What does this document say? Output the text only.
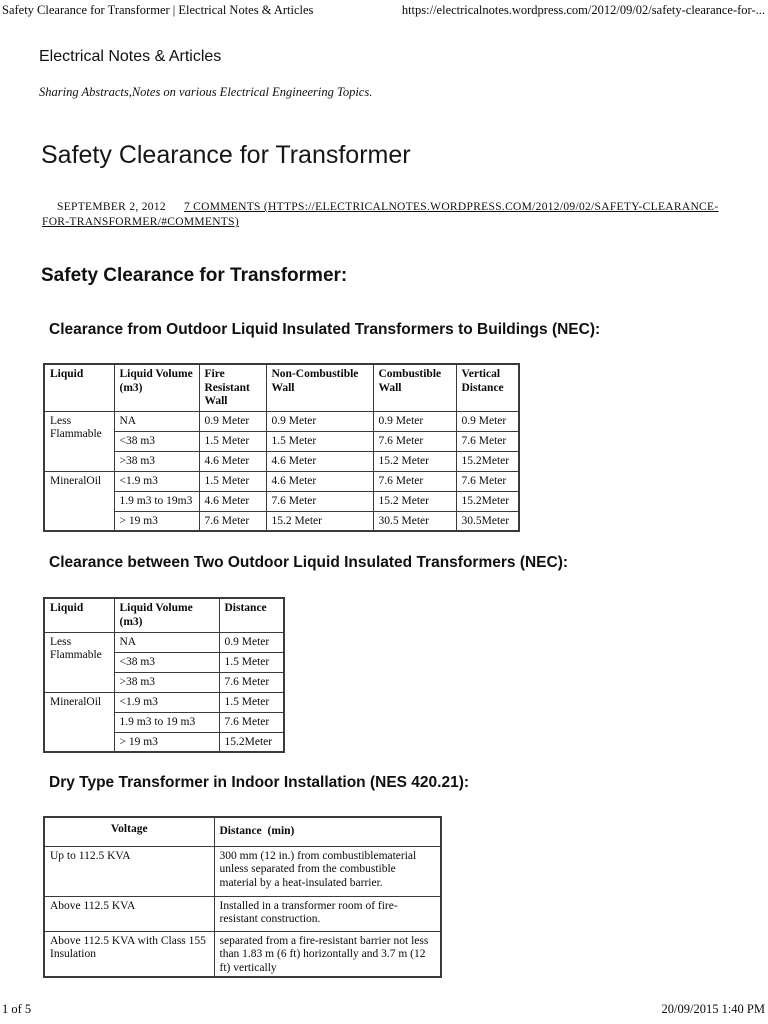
Safety Clearance for Transformer | Electrical Notes & Articles	https://electricalnotes.wordpress.com/2012/09/02/safety-clearance-for-...
Electrical Notes & Articles
Sharing Abstracts,Notes on various Electrical Engineering Topics.
Safety Clearance for Transformer
SEPTEMBER 2, 2012 7 COMMENTS (HTTPS://ELECTRICALNOTES.WORDPRESS.COM/2012/09/02/SAFETY-CLEARANCE-
FOR-TRANSFORMER/#COMMENTS)
Safety Clearance for Transformer:
Clearance from Outdoor Liquid Insulated Transformers to Buildings (NEC):
Liquid	Liquid Volume (m3)	Fire Resistant Wall	Non-Combustible Wall	Combustible Wall	Vertical Distance
Less Flammable	NA	0.9 Meter	0.9 Meter	0.9 Meter	0.9 Meter
	<38 m3	1.5 Meter	1.5 Meter	7.6 Meter	7.6 Meter
	>38 m3	4.6 Meter	4.6 Meter	15.2 Meter	15.2Meter
MineralOil	<1.9 m3	1.5 Meter	4.6 Meter	7.6 Meter	7.6 Meter
	1.9 m3 to 19m3	4.6 Meter	7.6 Meter	15.2 Meter	15.2Meter
	> 19 m3	7.6 Meter	15.2 Meter	30.5 Meter	30.5Meter
Clearance between Two Outdoor Liquid Insulated Transformers (NEC):
Liquid	Liquid Volume (m3)	Distance
Less Flammable	NA	0.9 Meter
	<38 m3	1.5 Meter
	>38 m3	7.6 Meter
MineralOil	<1.9 m3	1.5 Meter
	1.9 m3 to 19 m3	7.6 Meter
	> 19 m3	15.2Meter
Dry Type Transformer in Indoor Installation (NES 420.21):
Voltage	Distance (min)
Up to 112.5 KVA	300 mm (12 in.) from combustiblematerial unless separated from the combustible material by a heat-insulated barrier.
Above 112.5 KVA	Installed in a transformer room of fire-resistant construction.
Above 112.5 KVA with Class 155 Insulation	separated from a fire-resistant barrier not less than 1.83 m (6 ft) horizontally and 3.7 m (12 ft) vertically
1 of 5	20/09/2015 1:40 PM
